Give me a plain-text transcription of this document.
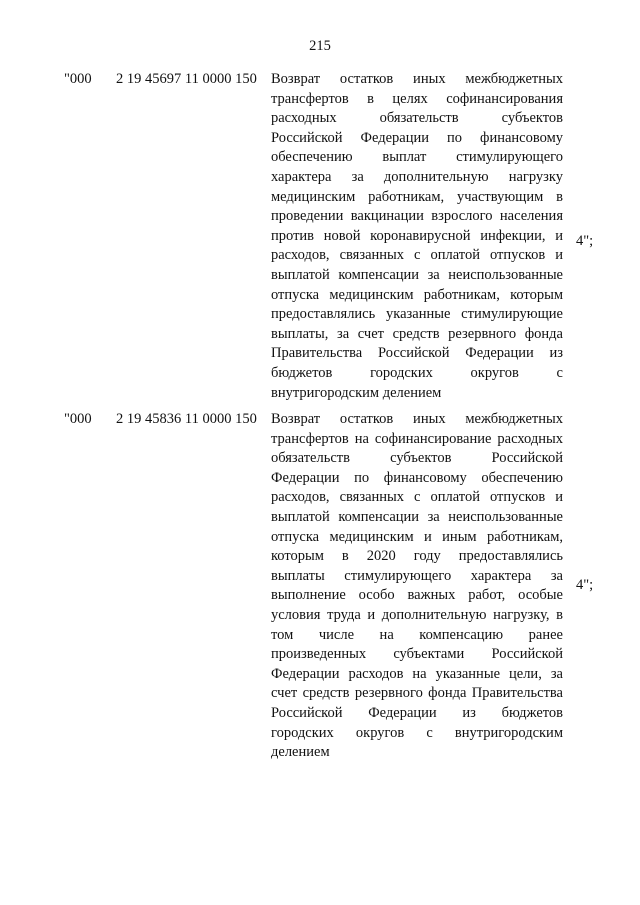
215
"000 2 19 45697 11 0000 150 Возврат остатков иных межбюджетных
трансфертов в целях софинансирования
расходных обязательств субъектов
Российской Федерации по финансовому
обеспечению выплат стимулирующего
характера за дополнительную нагрузку
медицинским работникам, участвующим в
проведении вакцинации взрослого населения
против новой коронавирусной инфекции, и
расходов, связанных с оплатой отпусков и
выплатой компенсации за неиспользованные
отпуска медицинским работникам, которым
предоставлялись указанные стимулирующие
выплаты, за счет средств резервного фонда
Правительства Российской Федерации из
бюджетов городских округов с
внутригородским делением
4";
"000 2 19 45836 11 0000 150 Возврат остатков иных межбюджетных
трансфертов на софинансирование расходных
обязательств субъектов Российской
Федерации по финансовому обеспечению
расходов, связанных с оплатой отпусков и
выплатой компенсации за неиспользованные
отпуска медицинским и иным работникам,
которым в 2020 году предоставлялись
выплаты стимулирующего характера за
выполнение особо важных работ, особые
условия труда и дополнительную нагрузку, в
том числе на компенсацию ранее
произведенных субъектами Российской
Федерации расходов на указанные цели, за
счет средств резервного фонда Правительства
Российской Федерации из бюджетов
городских округов с внутригородским
делением
4";
